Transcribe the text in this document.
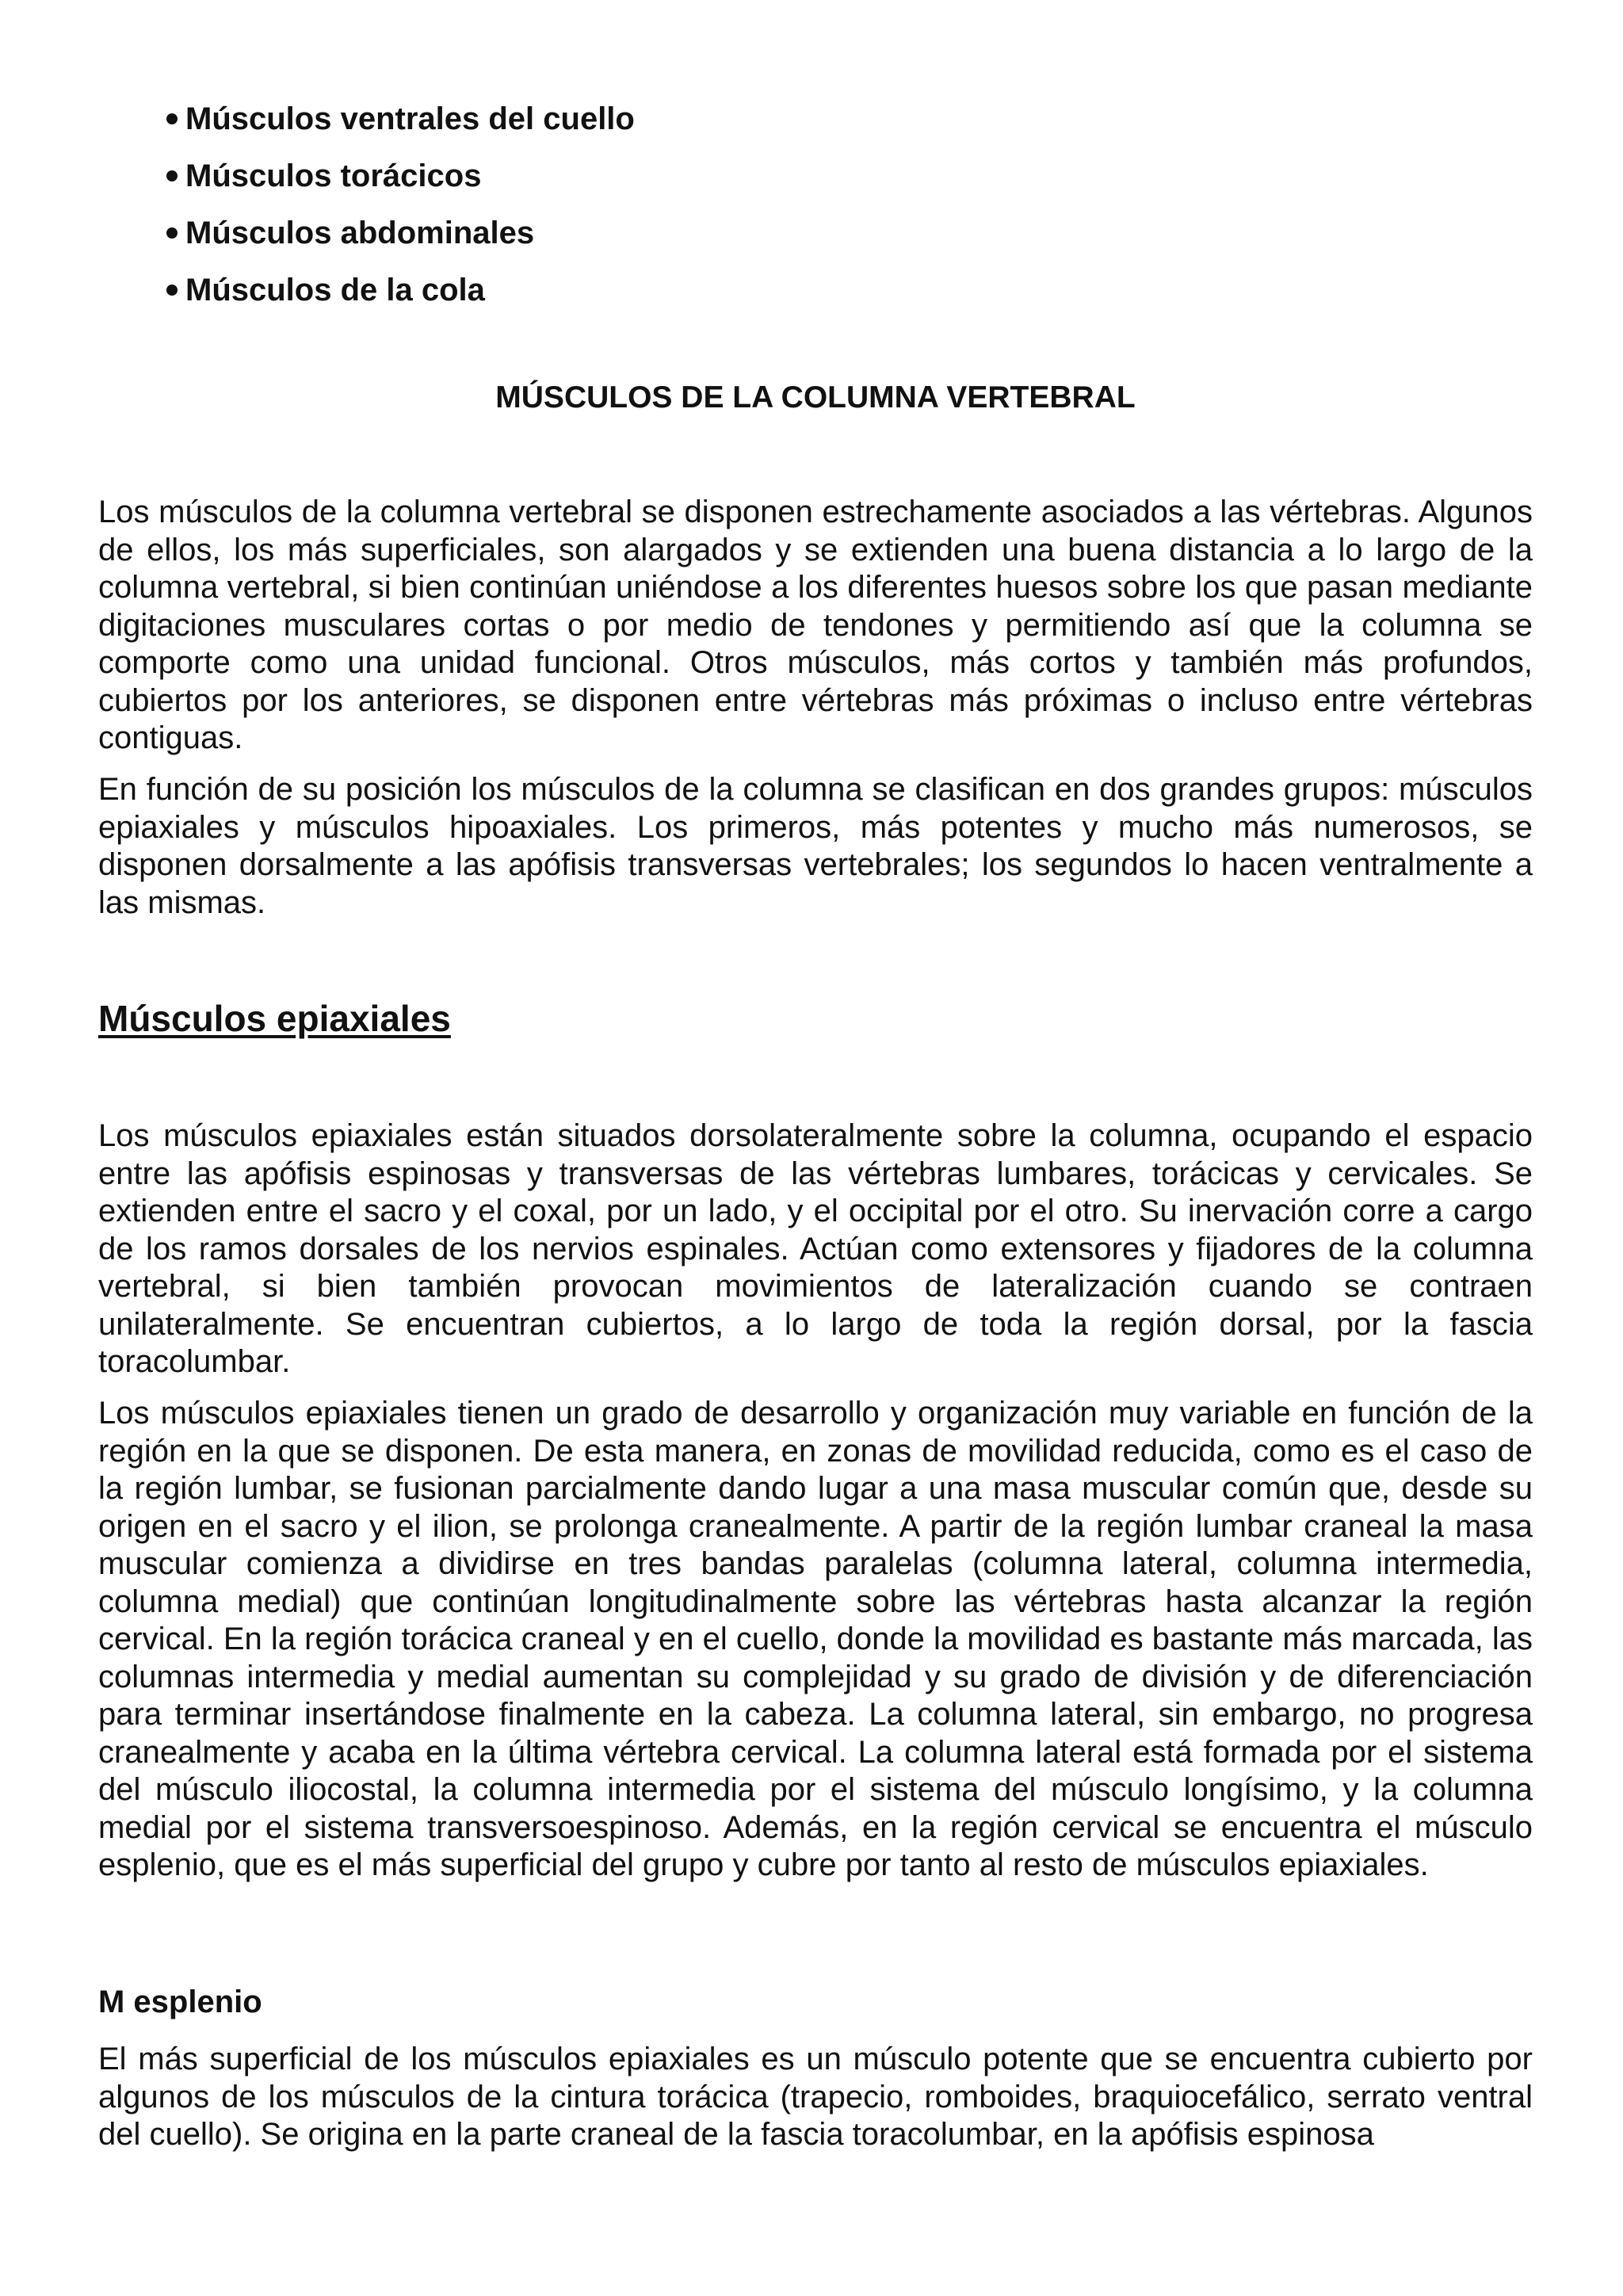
Músculos ventrales del cuello
Músculos torácicos
Músculos abdominales
Músculos de la cola
MÚSCULOS DE LA COLUMNA VERTEBRAL

Los músculos de la columna vertebral se disponen estrechamente asociados a las vértebras. Algunos de ellos, los más superficiales, son alargados y se extienden una buena distancia a lo largo de la columna vertebral, si bien continúan uniéndose a los diferentes huesos sobre los que pasan mediante digitaciones musculares cortas o por medio de tendones y permitiendo así que la columna se comporte como una unidad funcional. Otros músculos, más cortos y también más profundos, cubiertos por los anteriores, se disponen entre vértebras más próximas o incluso entre vértebras contiguas.

En función de su posición los músculos de la columna se clasifican en dos grandes grupos: músculos epiaxiales y músculos hipoaxiales. Los primeros, más potentes y mucho más numerosos, se disponen dorsalmente a las apófisis transversas vertebrales; los segundos lo hacen ventralmente a las mismas.

Músculos epiaxiales

Los músculos epiaxiales están situados dorsolateralmente sobre la columna, ocupando el espacio entre las apófisis espinosas y transversas de las vértebras lumbares, torácicas y cervicales. Se extienden entre el sacro y el coxal, por un lado, y el occipital por el otro. Su inervación corre a cargo de los ramos dorsales de los nervios espinales. Actúan como extensores y fijadores de la columna vertebral, si bien también provocan movimientos de lateralización cuando se contraen unilateralmente. Se encuentran cubiertos, a lo largo de toda la región dorsal, por la fascia toracolumbar.

Los músculos epiaxiales tienen un grado de desarrollo y organización muy variable en función de la región en la que se disponen. De esta manera, en zonas de movilidad reducida, como es el caso de la región lumbar, se fusionan parcialmente dando lugar a una masa muscular común que, desde su origen en el sacro y el ilion, se prolonga cranealmente. A partir de la región lumbar craneal la masa muscular comienza a dividirse en tres bandas paralelas (columna lateral, columna intermedia, columna medial) que continúan longitudinalmente sobre las vértebras hasta alcanzar la región cervical. En la región torácica craneal y en el cuello, donde la movilidad es bastante más marcada, las columnas intermedia y medial aumentan su complejidad y su grado de división y de diferenciación para terminar insertándose finalmente en la cabeza. La columna lateral, sin embargo, no progresa cranealmente y acaba en la última vértebra cervical. La columna lateral está formada por el sistema del músculo iliocostal, la columna intermedia por el sistema del músculo longísimo, y la columna medial por el sistema transversoespinoso. Además, en la región cervical se encuentra el músculo esplenio, que es el más superficial del grupo y cubre por tanto al resto de músculos epiaxiales.

M esplenio

El más superficial de los músculos epiaxiales es un músculo potente que se encuentra cubierto por algunos de los músculos de la cintura torácica (trapecio, romboides, braquiocefálico, serrato ventral del cuello). Se origina en la parte craneal de la fascia toracolumbar, en la apófisis espinosa
